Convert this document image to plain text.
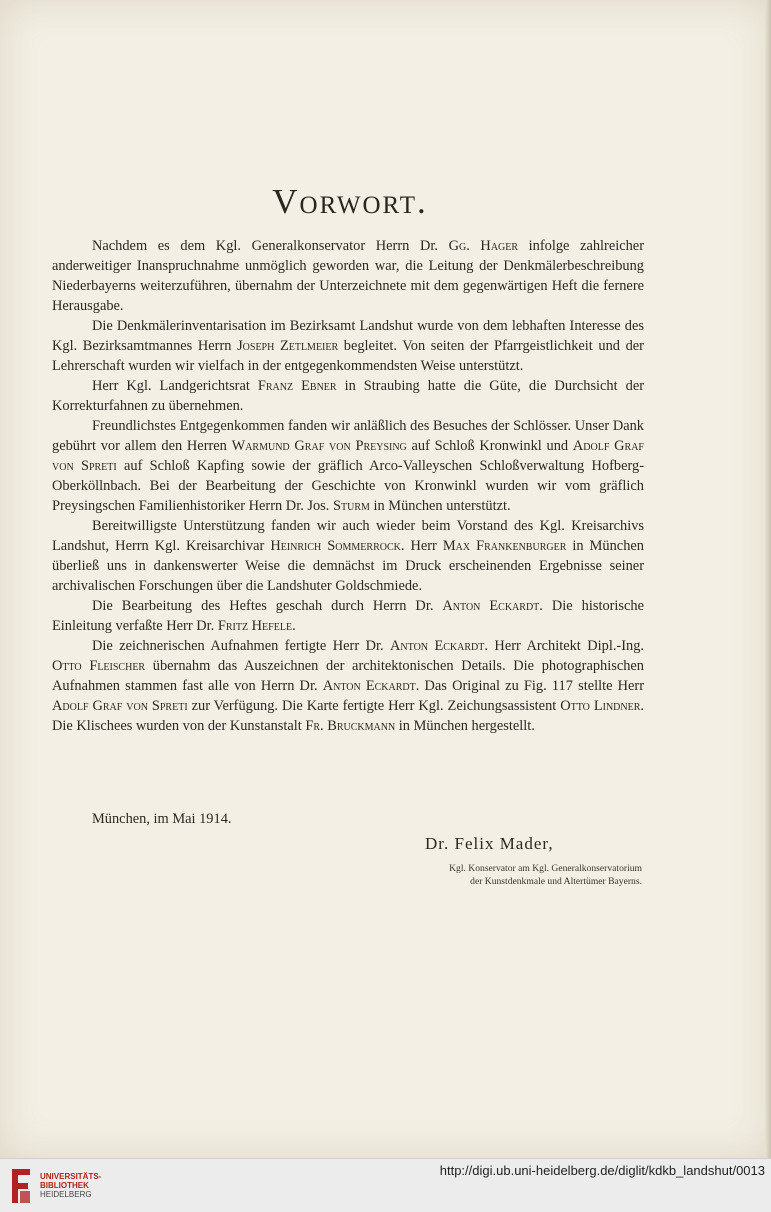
Vorwort.

Nachdem es dem Kgl. Generalkonservator Herrn Dr. Gg. Hager infolge zahlreicher anderweitiger Inanspruchnahme unmöglich geworden war, die Leitung der Denkmälerbeschreibung Niederbayerns weiterzuführen, übernahm der Unterzeichnete mit dem gegenwärtigen Heft die fernere Herausgabe.

Die Denkmälerinventarisation im Bezirksamt Landshut wurde von dem lebhaften Interesse des Kgl. Bezirksamtmannes Herrn Joseph Zetlmeier begleitet. Von seiten der Pfarrgeistlichkeit und der Lehrerschaft wurden wir vielfach in der entgegenkommendsten Weise unterstützt.

Herr Kgl. Landgerichtsrat Franz Ebner in Straubing hatte die Güte, die Durchsicht der Korrekturfahnen zu übernehmen.

Freundlichstes Entgegenkommen fanden wir anläßlich des Besuches der Schlösser. Unser Dank gebührt vor allem den Herren Warmund Graf von Preysing auf Schloß Kronwinkl und Adolf Graf von Spreti auf Schloß Kapfing sowie der gräflich Arco-Valleyschen Schloßverwaltung Hofberg-Oberköllnbach. Bei der Bearbeitung der Geschichte von Kronwinkl wurden wir vom gräflich Preysingschen Familienhistoriker Herrn Dr. Jos. Sturm in München unterstützt.

Bereitwilligste Unterstützung fanden wir auch wieder beim Vorstand des Kgl. Kreisarchivs Landshut, Herrn Kgl. Kreisarchivar Heinrich Sommerrock. Herr Max Frankenburger in München überließ uns in dankenswerter Weise die demnächst im Druck erscheinenden Ergebnisse seiner archivalischen Forschungen über die Landshuter Goldschmiede.

Die Bearbeitung des Heftes geschah durch Herrn Dr. Anton Eckardt. Die historische Einleitung verfaßte Herr Dr. Fritz Hefele.

Die zeichnerischen Aufnahmen fertigte Herr Dr. Anton Eckardt. Herr Architekt Dipl.-Ing. Otto Fleischer übernahm das Auszeichnen der architektonischen Details. Die photographischen Aufnahmen stammen fast alle von Herrn Dr. Anton Eckardt. Das Original zu Fig. 117 stellte Herr Adolf Graf von Spreti zur Verfügung. Die Karte fertigte Herr Kgl. Zeichungsassistent Otto Lindner. Die Klischees wurden von der Kunstanstalt Fr. Bruckmann in München hergestellt.

München, im Mai 1914.
Dr. Felix Mader,
Kgl. Konservator am Kgl. Generalkonservatorium
der Kunstdenkmale und Altertümer Bayerns.
UNIVERSITÄTS-
BIBLIOTHEK
HEIDELBERG
http://digi.ub.uni-heidelberg.de/diglit/kdkb_landshut/0013
